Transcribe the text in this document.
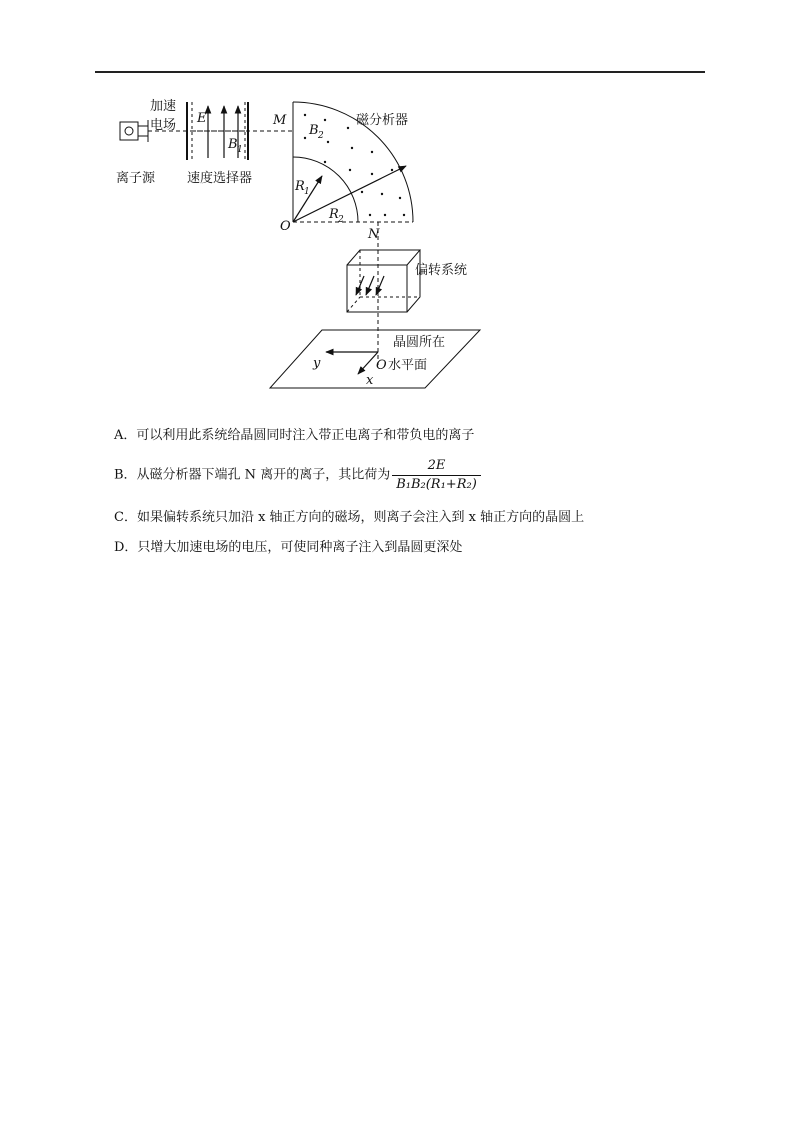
离子源
加速
电场 E
B 1
速度选择器
M
B 2
磁分析器
R 1
R 2
O
N
偏转系统
晶圆所在
O 水平面
y
x
A．可以利用此系统给晶圆同时注入带正电离子和带负电的离子
B．从磁分析器下端孔 N 离开的离子，其比荷为 $\frac{2E}{\text{B₁B₂(R₁+R₂)}}$
C．如果偏转系统只加沿 x 轴正方向的磁场，则离子会注入到 x 轴正方向的晶圆上
D．只增大加速电场的电压，可使同种离子注入到晶圆更深处
